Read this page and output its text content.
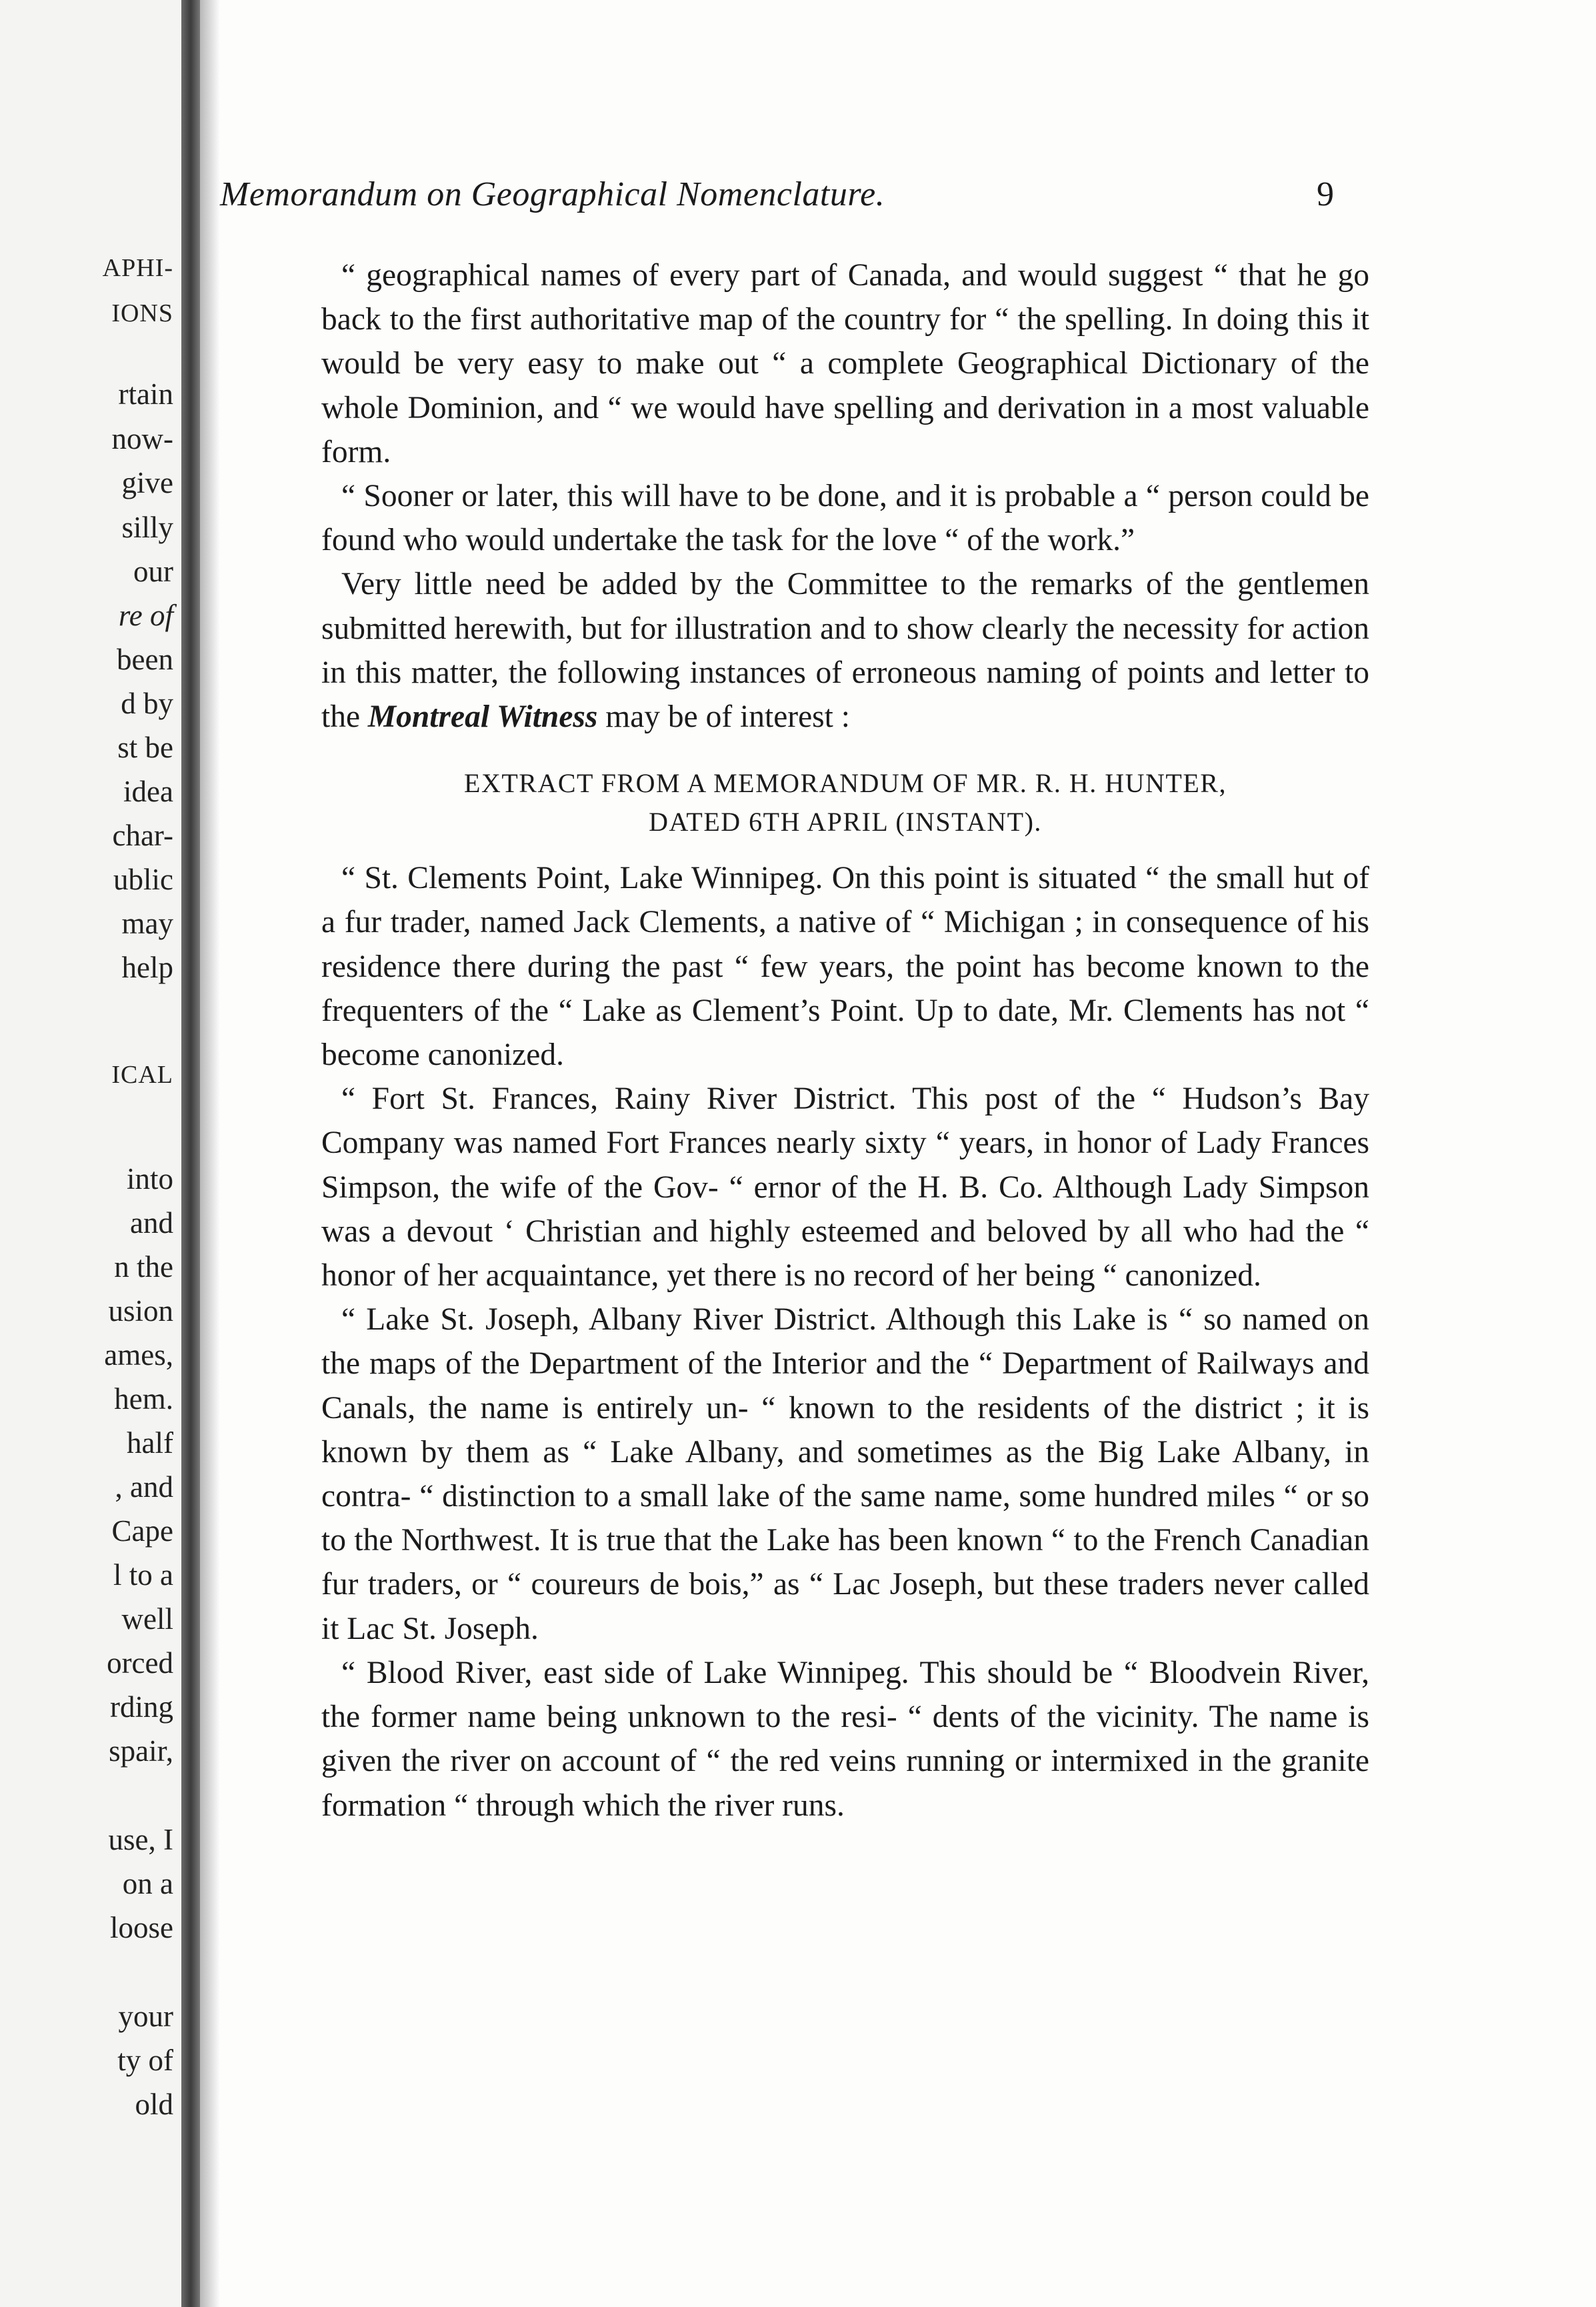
APHI-
IONS
rtain
now-
give
silly
our
re of
been
d by
st be
idea
char-
ublic
may
help
ICAL
into
and
n the
usion
ames,
hem.
half
, and
Cape
l to a
well
orced
rding
spair,
use, I
on a
loose
your
ty of
old
Memorandum on Geographical Nomenclature.	9

“ geographical names of every part of Canada, and would suggest “ that he go back to the first authoritative map of the country for “ the spelling. In doing this it would be very easy to make out “ a complete Geographical Dictionary of the whole Dominion, and “ we would have spelling and derivation in a most valuable form.

“ Sooner or later, this will have to be done, and it is probable a “ person could be found who would undertake the task for the love “ of the work.”

Very little need be added by the Committee to the remarks of the gentlemen submitted herewith, but for illustration and to show clearly the necessity for action in this matter, the following instances of erroneous naming of points and letter to the Montreal Witness may be of interest :

EXTRACT FROM A MEMORANDUM OF MR. R. H. HUNTER,
DATED 6TH APRIL (INSTANT).

“ St. Clements Point, Lake Winnipeg. On this point is situated “ the small hut of a fur trader, named Jack Clements, a native of “ Michigan ; in consequence of his residence there during the past “ few years, the point has become known to the frequenters of the “ Lake as Clement’s Point. Up to date, Mr. Clements has not “ become canonized.

“ Fort St. Frances, Rainy River District. This post of the “ Hudson’s Bay Company was named Fort Frances nearly sixty “ years, in honor of Lady Frances Simpson, the wife of the Gov- “ ernor of the H. B. Co. Although Lady Simpson was a devout ‘ Christian and highly esteemed and beloved by all who had the “ honor of her acquaintance, yet there is no record of her being “ canonized.

“ Lake St. Joseph, Albany River District. Although this Lake is “ so named on the maps of the Department of the Interior and the “ Department of Railways and Canals, the name is entirely un- “ known to the residents of the district ; it is known by them as “ Lake Albany, and sometimes as the Big Lake Albany, in contra- “ distinction to a small lake of the same name, some hundred miles “ or so to the Northwest. It is true that the Lake has been known “ to the French Canadian fur traders, or “ coureurs de bois,” as “ Lac Joseph, but these traders never called it Lac St. Joseph.

“ Blood River, east side of Lake Winnipeg. This should be “ Bloodvein River, the former name being unknown to the resi- “ dents of the vicinity. The name is given the river on account of “ the red veins running or intermixed in the granite formation “ through which the river runs.
